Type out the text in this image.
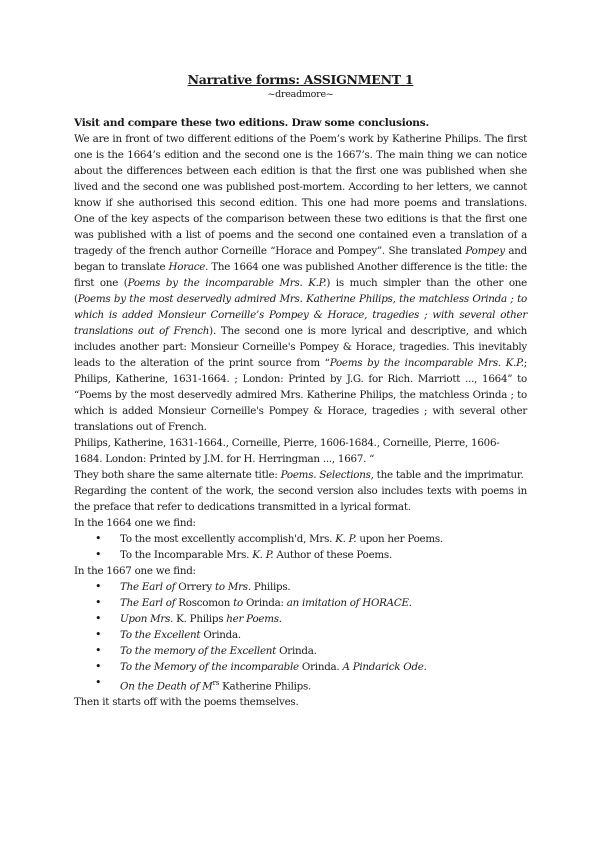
Narrative forms: ASSIGNMENT 1
~dreadmore~
Visit and compare these two editions. Draw some conclusions.

We are in front of two different editions of the Poem’s work by Katherine Philips. The first one is the 1664’s edition and the second one is the 1667’s. The main thing we can notice about the differences between each edition is that the first one was published when she lived and the second one was published post-mortem. According to her letters, we cannot know if she authorised this second edition. This one had more poems and translations. One of the key aspects of the comparison between these two editions is that the first one was published with a list of poems and the second one contained even a translation of a tragedy of the french author Corneille “Horace and Pompey”. She translated Pompey and began to translate Horace. The 1664 one was published Another difference is the title: the first one (Poems by the incomparable Mrs. K.P.) is much simpler than the other one (Poems by the most deservedly admired Mrs. Katherine Philips, the matchless Orinda ; to which is added Monsieur Corneille’s Pompey & Horace, tragedies ; with several other translations out of French). The second one is more lyrical and descriptive, and which includes another part: Monsieur Corneille's Pompey & Horace, tragedies. This inevitably leads to the alteration of the print source from “Poems by the incomparable Mrs. K.P.; Philips, Katherine, 1631-1664. ; London: Printed by J.G. for Rich. Marriott ..., 1664” to “Poems by the most deservedly admired Mrs. Katherine Philips, the matchless Orinda ; to which is added Monsieur Corneille's Pompey & Horace, tragedies ; with several other translations out of French.

Philips, Katherine, 1631-1664., Corneille, Pierre, 1606-1684., Corneille, Pierre, 1606-1684. London: Printed by J.M. for H. Herringman ..., 1667. “

They both share the same alternate title: Poems. Selections, the table and the imprimatur.

Regarding the content of the work, the second version also includes texts with poems in the preface that refer to dedications transmitted in a lyrical format.

In the 1664 one we find:

• To the most excellently accomplish'd, Mrs. K. P. upon her Poems.
• To the Incomparable Mrs. K. P. Author of these Poems.

In the 1667 one we find:

• The Earl of Orrery to Mrs. Philips.
• The Earl of Roscomon to Orinda: an imitation of HORACE.
• Upon Mrs. K. Philips her Poems.
• To the Excellent Orinda.
• To the memory of the Excellent Orinda.
• To the Memory of the incomparable Orinda. A Pindarick Ode.
• On the Death of $M^{rs}$ Katherine Philips.

Then it starts off with the poems themselves.
